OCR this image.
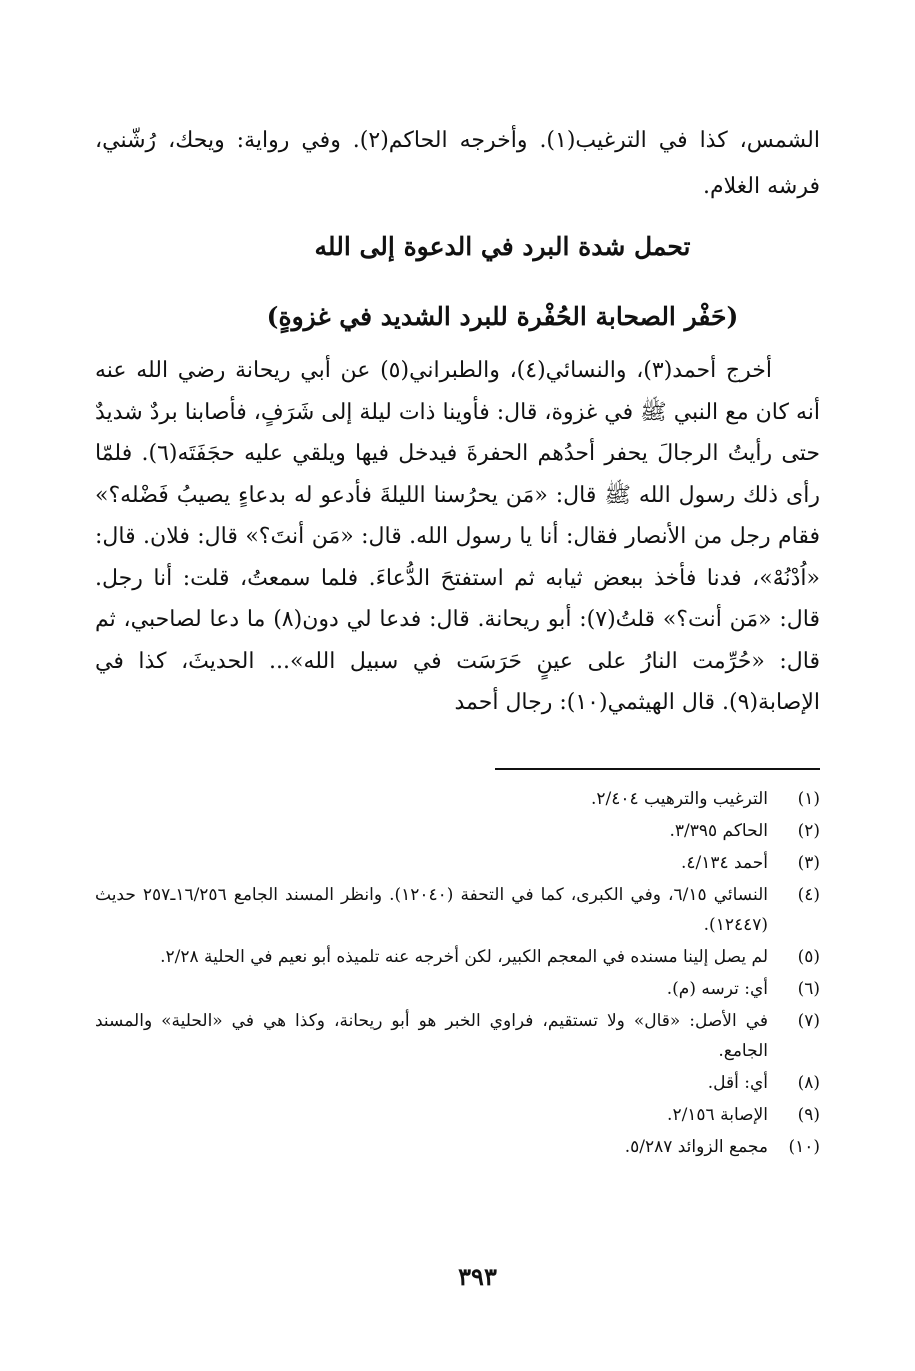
الشمس، كذا في الترغيب(١). وأخرجه الحاكم(٢). وفي رواية: ويحك، رُشّني، فرشه الغلام.
تحمل شدة البرد في الدعوة إلى الله
(حَفْر الصحابة الحُفْرة للبرد الشديد في غزوةٍ)

أخرج أحمد(٣)، والنسائي(٤)، والطبراني(٥) عن أبي ريحانة رضي الله عنه أنه كان مع النبي ﷺ في غزوة، قال: فأوينا ذات ليلة إلى شَرَفٍ، فأصابنا بردٌ شديدٌ حتى رأيتُ الرجالَ يحفر أحدُهم الحفرةَ فيدخل فيها ويلقي عليه حجَفَتَه(٦). فلمّا رأى ذلك رسول الله ﷺ قال: «مَن يحرُسنا الليلةَ فأدعو له بدعاءٍ يصيبُ فَضْله؟» فقام رجل من الأنصار فقال: أنا يا رسول الله. قال: «مَن أنتَ؟» قال: فلان. قال: «اُدْنُهْ»، فدنا فأخذ ببعض ثيابه ثم استفتحَ الدُّعاءَ. فلما سمعتُ، قلت: أنا رجل. قال: «مَن أنت؟» قلتُ(٧): أبو ريحانة. قال: فدعا لي دون(٨) ما دعا لصاحبي، ثم قال: «حُرِّمت النارُ على عينٍ حَرَسَت في سبيل الله»... الحديثَ، كذا في الإصابة(٩). قال الهيثمي(١٠): رجال أحمد

(١)
الترغيب والترهيب ٢/٤٠٤.
(٢)
الحاكم ٣/٣٩٥.
(٣)
أحمد ٤/١٣٤.
(٤)
النسائي ٦/١٥، وفي الكبرى، كما في التحفة (١٢٠٤٠). وانظر المسند الجامع ١٦/٢٥٦ـ٢٥٧ حديث (١٢٤٤٧).
(٥)
لم يصل إلينا مسنده في المعجم الكبير، لكن أخرجه عنه تلميذه أبو نعيم في الحلية ٢/٢٨.
(٦)
أي: ترسه (م).
(٧)
في الأصل: «قال» ولا تستقيم، فراوي الخبر هو أبو ريحانة، وكذا هي في «الحلية» والمسند الجامع.
(٨)
أي: أقل.
(٩)
الإصابة ٢/١٥٦.
(١٠)
مجمع الزوائد ٥/٢٨٧.
٣٩٣
